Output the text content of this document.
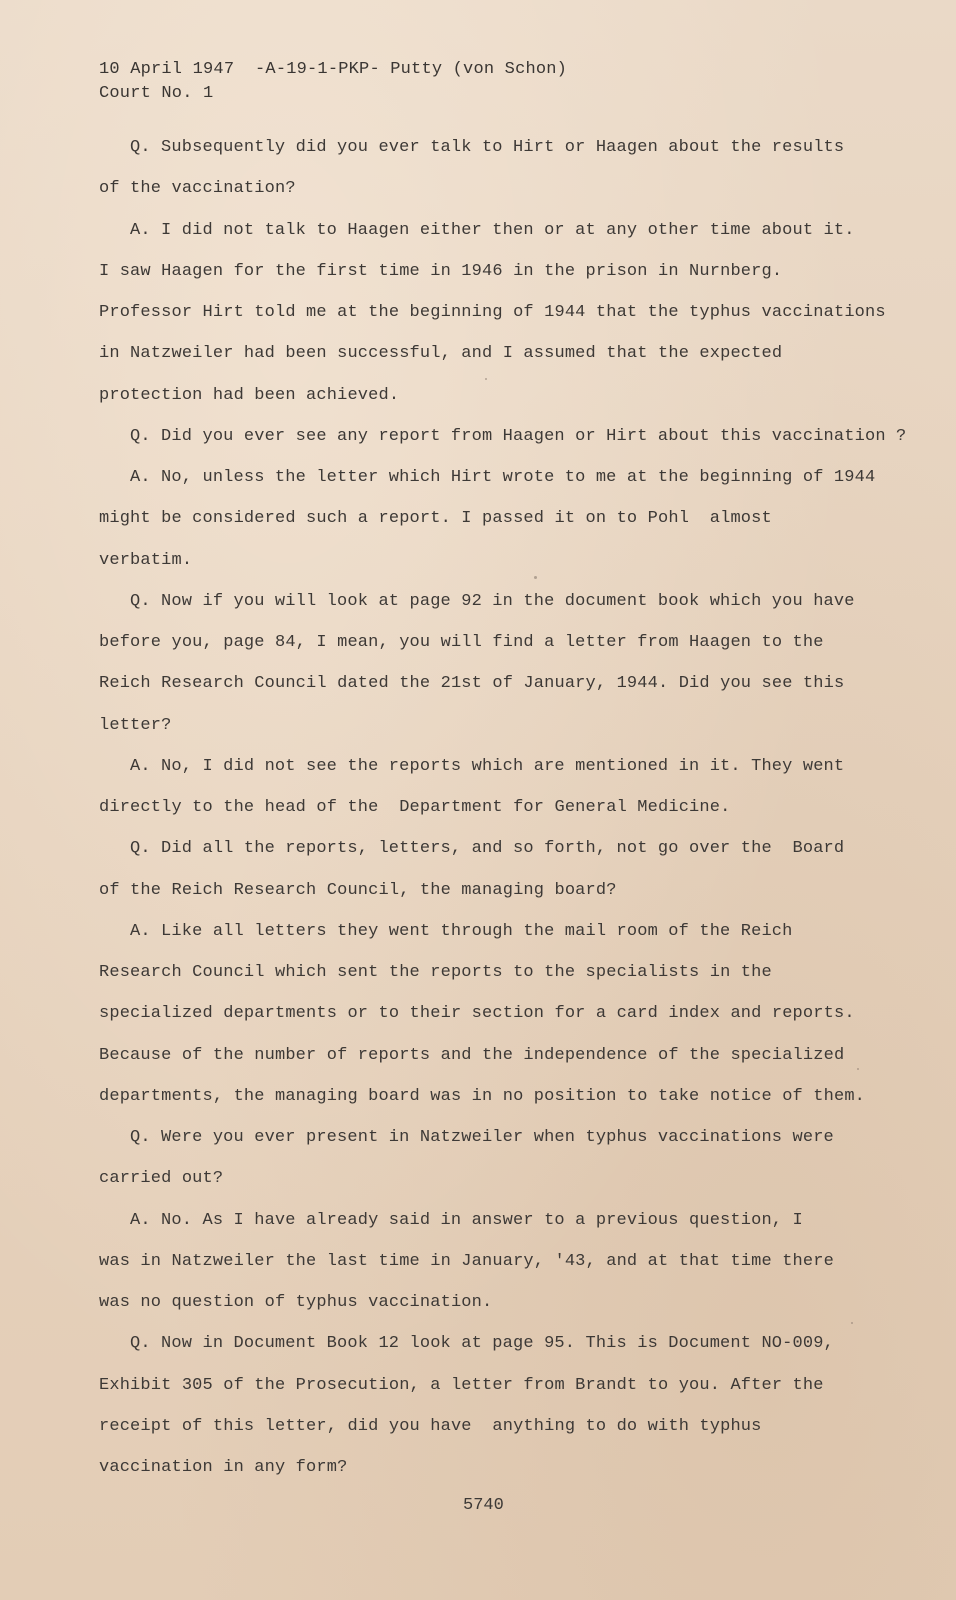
10 April 1947  -A-19-1-PKP- Putty (von Schon)
Court No. 1
Q. Subsequently did you ever talk to Hirt or Haagen about the results
of the vaccination?
A. I did not talk to Haagen either then or at any other time about it.
I saw Haagen for the first time in 1946 in the prison in Nurnberg.
Professor Hirt told me at the beginning of 1944 that the typhus vaccinations
in Natzweiler had been successful, and I assumed that the expected
protection had been achieved.
Q. Did you ever see any report from Haagen or Hirt about this vaccination ?
A. No, unless the letter which Hirt wrote to me at the beginning of 1944
might be considered such a report. I passed it on to Pohl  almost
verbatim.
Q. Now if you will look at page 92 in the document book which you have
before you, page 84, I mean, you will find a letter from Haagen to the
Reich Research Council dated the 21st of January, 1944. Did you see this
letter?
A. No, I did not see the reports which are mentioned in it. They went
directly to the head of the  Department for General Medicine.
Q. Did all the reports, letters, and so forth, not go over the  Board
of the Reich Research Council, the managing board?
A. Like all letters they went through the mail room of the Reich
Research Council which sent the reports to the specialists in the
specialized departments or to their section for a card index and reports.
Because of the number of reports and the independence of the specialized
departments, the managing board was in no position to take notice of them.
Q. Were you ever present in Natzweiler when typhus vaccinations were
carried out?
A. No. As I have already said in answer to a previous question, I
was in Natzweiler the last time in January, '43, and at that time there
was no question of typhus vaccination.
Q. Now in Document Book 12 look at page 95. This is Document NO-009,
Exhibit 305 of the Prosecution, a letter from Brandt to you. After the
receipt of this letter, did you have  anything to do with typhus
vaccination in any form?
5740
